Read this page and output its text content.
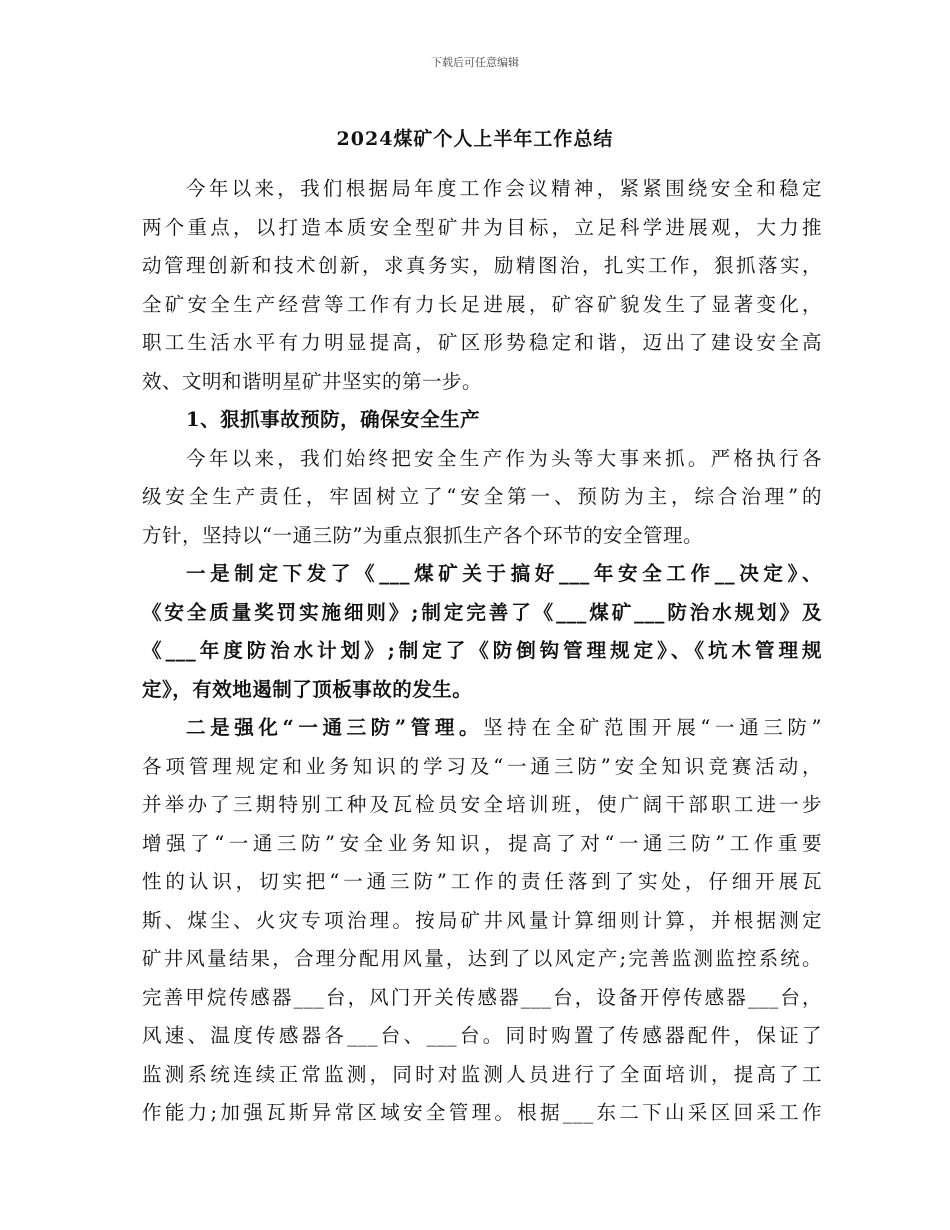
下载后可任意编辑
2024煤矿个人上半年工作总结
今年以来，我们根据局年度工作会议精神，紧紧围绕安全和稳定
两个重点，以打造本质安全型矿井为目标，立足科学进展观，大力推
动管理创新和技术创新，求真务实，励精图治，扎实工作，狠抓落实，
全矿安全生产经营等工作有力长足进展，矿容矿貌发生了显著变化，
职工生活水平有力明显提高，矿区形势稳定和谐，迈出了建设安全高
效、文明和谐明星矿井坚实的第一步。
1、狠抓事故预防，确保安全生产
今年以来，我们始终把安全生产作为头等大事来抓。严格执行各
级安全生产责任，牢固树立了“安全第一、预防为主，综合治理”的
方针，坚持以“一通三防”为重点狠抓生产各个环节的安全管理。
一是制定下发了《___煤矿关于搞好___年安全工作__决定》、
《安全质量奖罚实施细则》;制定完善了《___煤矿___防治水规划》及
《___年度防治水计划》;制定了《防倒钩管理规定》、《坑木管理规
定》，有效地遏制了顶板事故的发生。
二是强化“一通三防”管理。坚持在全矿范围开展“一通三防”
各项管理规定和业务知识的学习及“一通三防”安全知识竞赛活动，
并举办了三期特别工种及瓦检员安全培训班，使广阔干部职工进一步
增强了“一通三防”安全业务知识，提高了对“一通三防”工作重要
性的认识，切实把“一通三防”工作的责任落到了实处，仔细开展瓦
斯、煤尘、火灾专项治理。按局矿井风量计算细则计算，并根据测定
矿井风量结果，合理分配用风量，达到了以风定产;完善监测监控系统。
完善甲烷传感器___台，风门开关传感器___台，设备开停传感器___台，
风速、温度传感器各___台、___台。同时购置了传感器配件，保证了
监测系统连续正常监测，同时对监测人员进行了全面培训，提高了工
作能力;加强瓦斯异常区域安全管理。根据___东二下山采区回采工作
